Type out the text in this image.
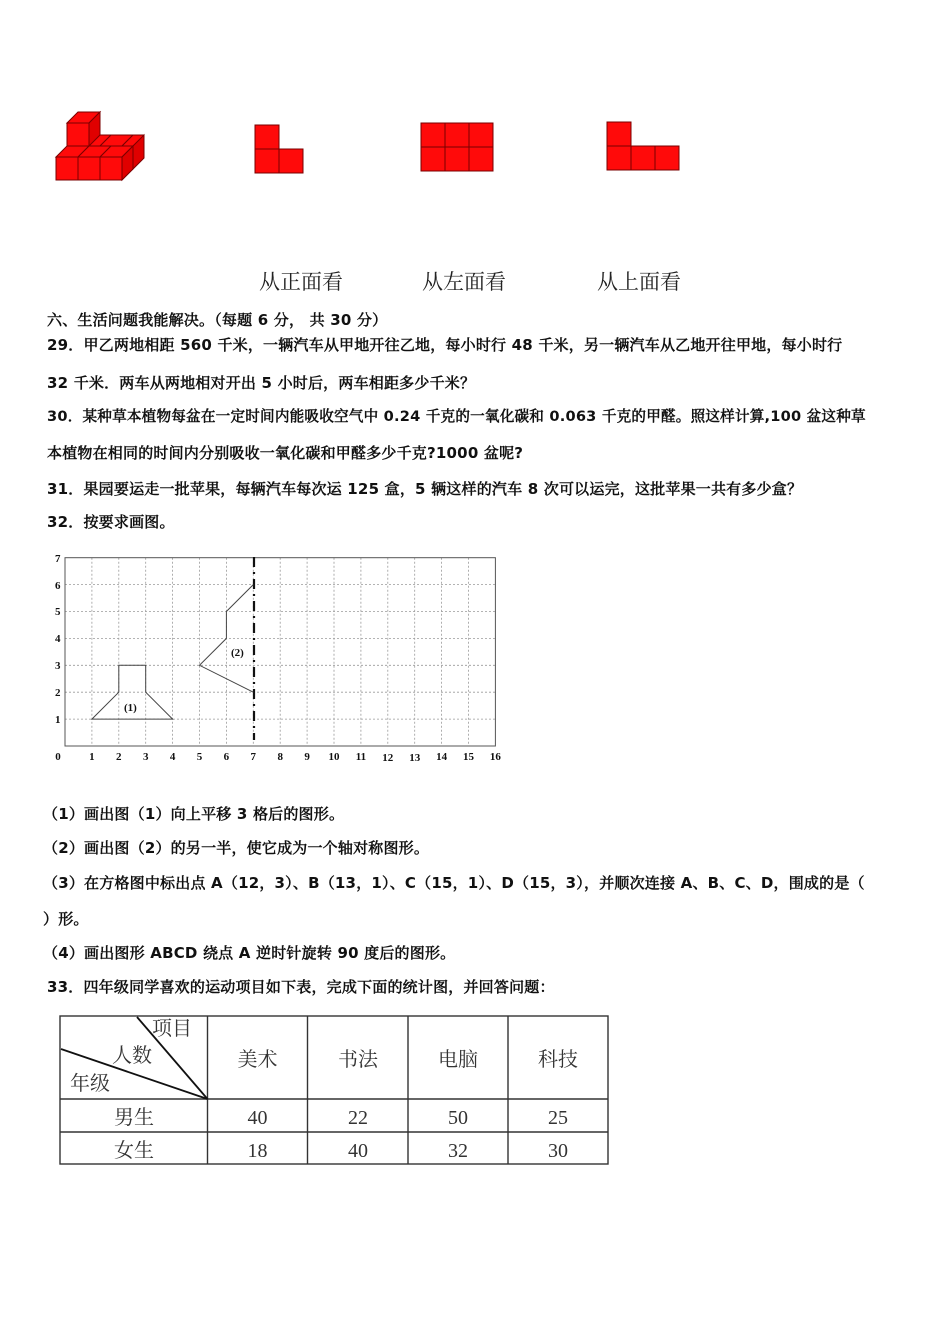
从正面看	从左面看	从上面看
六、生活问题我能解决。（每题 6 分， 共 30 分）
29．甲乙两地相距 560 千米，一辆汽车从甲地开往乙地，每小时行 48 千米，另一辆汽车从乙地开往甲地，每小时行
32 千米．两车从两地相对开出 5 小时后，两车相距多少千米？
30．某种草本植物每盆在一定时间内能吸收空气中 0.24 千克的一氧化碳和 0.063 千克的甲醛。照这样计算,100 盆这种草
本植物在相同的时间内分别吸收一氧化碳和甲醛多少千克?1000 盆呢?
31．果园要运走一批苹果，每辆汽车每次运 125 盒，5 辆这样的汽车 8 次可以运完，这批苹果一共有多少盒？
32．按要求画图。
(1)
(2)
1
2
3
4
5
6
7
0	1 2 3 4 5 6 7 8 9 10 11 12 13 14 15 16
（1）画出图（1）向上平移 3 格后的图形。
（2）画出图（2）的另一半，使它成为一个轴对称图形。
（3）在方格图中标出点 A（12，3）、B（13，1）、C（15，1）、D（15，3），并顺次连接 A、B、C、D，围成的是（
）形。
（4）画出图形 ABCD 绕点 A 逆时针旋转 90 度后的图形。
33．四年级同学喜欢的运动项目如下表，完成下面的统计图，并回答问题：
项目
人数
年级
美术	书法	电脑	科技
男生	40	22	50	25
女生	18	40	32	30
